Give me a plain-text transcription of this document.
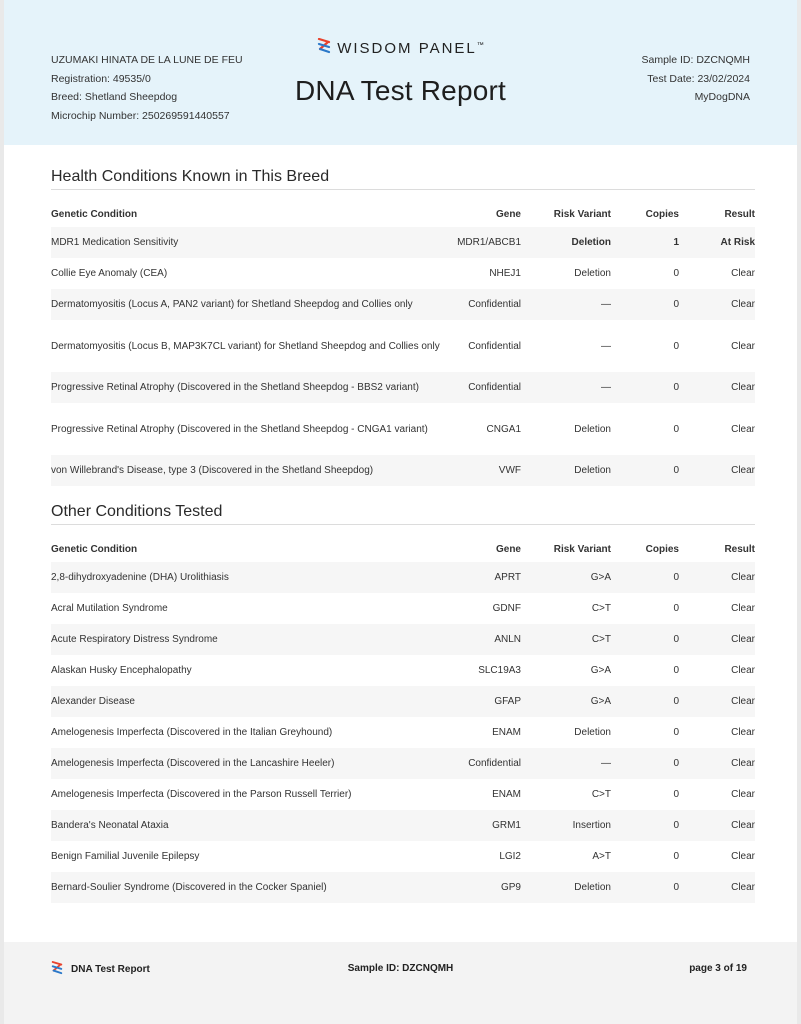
UZUMAKI HINATA DE LA LUNE DE FEU
Registration: 49535/0
Breed: Shetland Sheepdog
Microchip Number: 250269591440557
WISDOM PANEL™
DNA Test Report
Sample ID: DZCNQMH
Test Date: 23/02/2024
MyDogDNA
Health Conditions Known in This Breed
Genetic Condition	Gene	Risk Variant	Copies	Result
MDR1 Medication Sensitivity	MDR1/ABCB1	Deletion	1	At Risk
Collie Eye Anomaly (CEA)	NHEJ1	Deletion	0	Clear
Dermatomyositis (Locus A, PAN2 variant) for Shetland Sheepdog and Collies only	Confidential	—	0	Clear
Dermatomyositis (Locus B, MAP3K7CL variant) for Shetland Sheepdog and Collies only	Confidential	—	0	Clear
Progressive Retinal Atrophy (Discovered in the Shetland Sheepdog - BBS2 variant)	Confidential	—	0	Clear
Progressive Retinal Atrophy (Discovered in the Shetland Sheepdog - CNGA1 variant)	CNGA1	Deletion	0	Clear
von Willebrand's Disease, type 3 (Discovered in the Shetland Sheepdog)	VWF	Deletion	0	Clear
Other Conditions Tested
Genetic Condition	Gene	Risk Variant	Copies	Result
2,8-dihydroxyadenine (DHA) Urolithiasis	APRT	G>A	0	Clear
Acral Mutilation Syndrome	GDNF	C>T	0	Clear
Acute Respiratory Distress Syndrome	ANLN	C>T	0	Clear
Alaskan Husky Encephalopathy	SLC19A3	G>A	0	Clear
Alexander Disease	GFAP	G>A	0	Clear
Amelogenesis Imperfecta (Discovered in the Italian Greyhound)	ENAM	Deletion	0	Clear
Amelogenesis Imperfecta (Discovered in the Lancashire Heeler)	Confidential	—	0	Clear
Amelogenesis Imperfecta (Discovered in the Parson Russell Terrier)	ENAM	C>T	0	Clear
Bandera's Neonatal Ataxia	GRM1	Insertion	0	Clear
Benign Familial Juvenile Epilepsy	LGI2	A>T	0	Clear
Bernard-Soulier Syndrome (Discovered in the Cocker Spaniel)	GP9	Deletion	0	Clear
DNA Test Report	Sample ID: DZCNQMH	page 3 of 19
